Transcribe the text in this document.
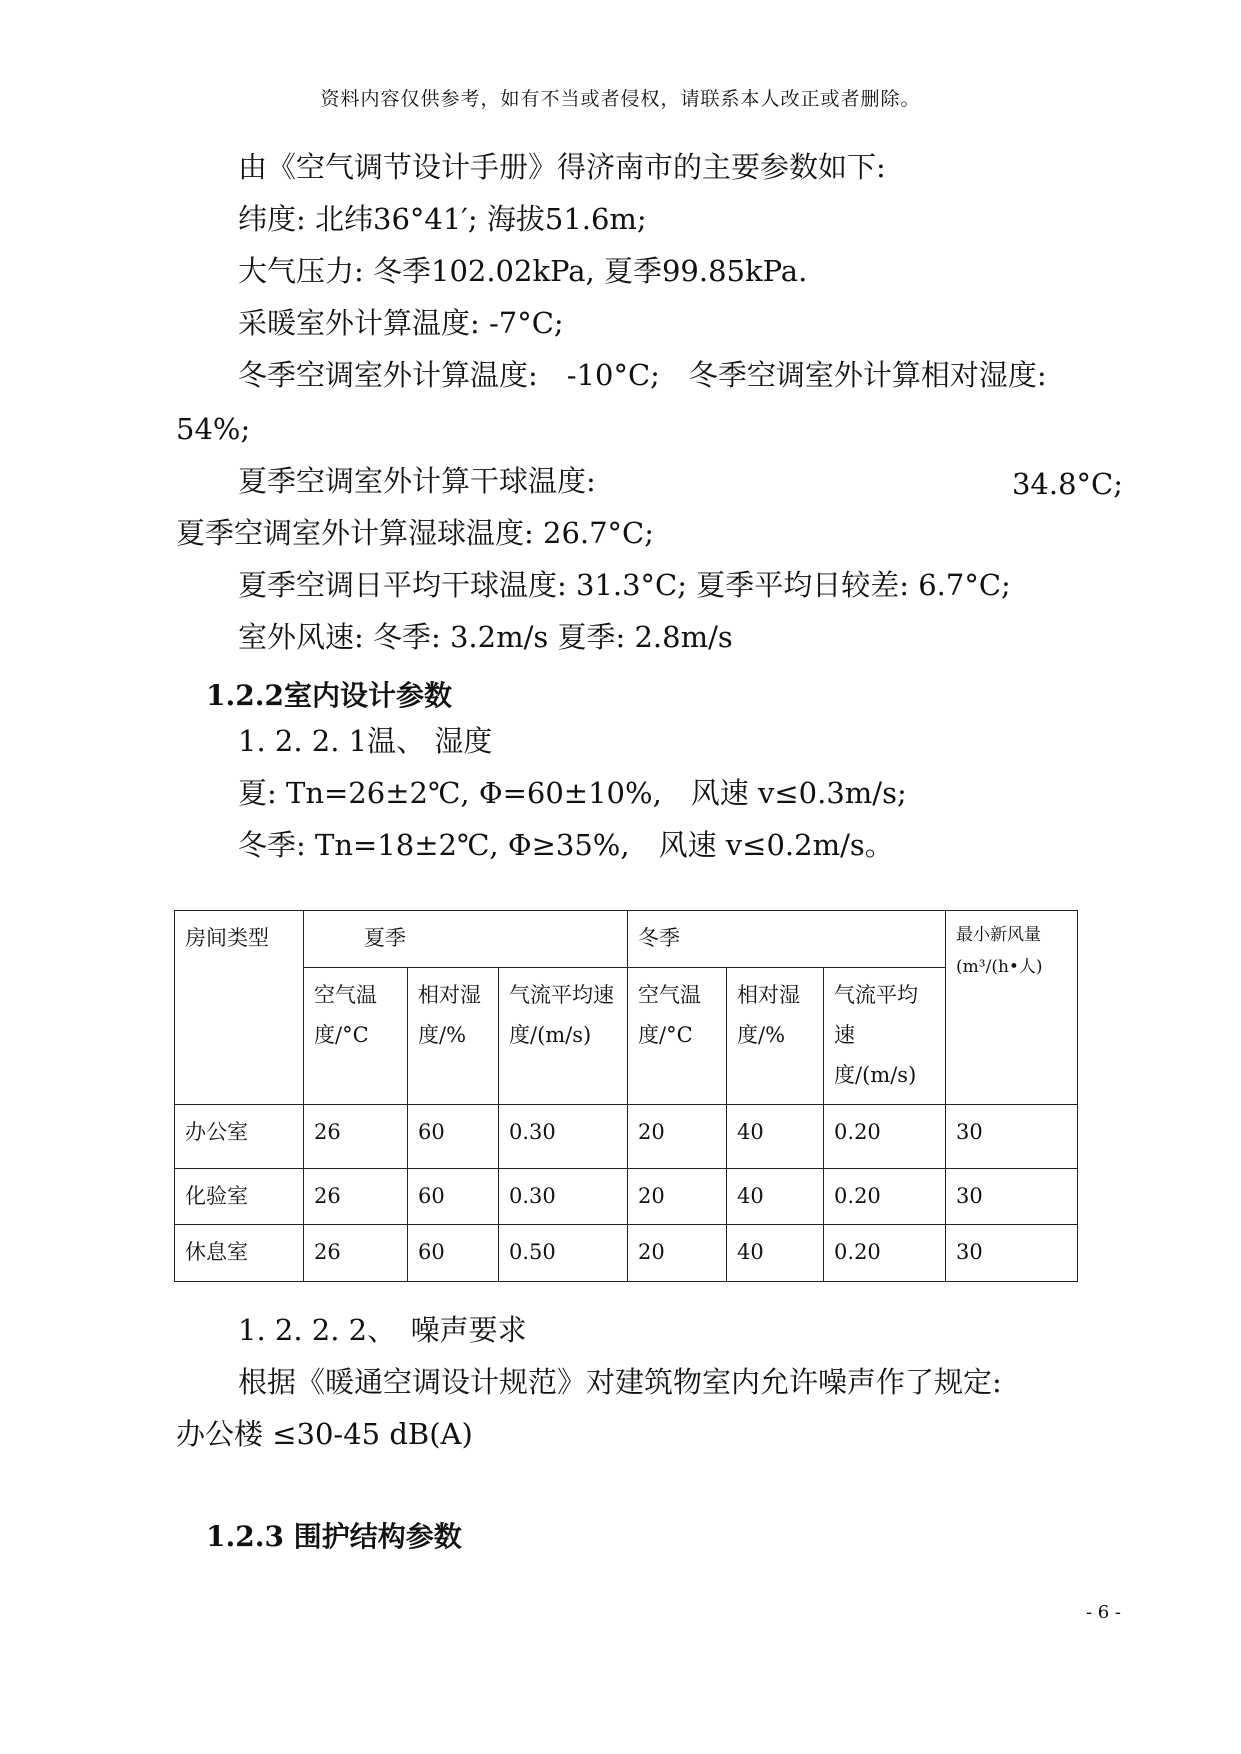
资料内容仅供参考，如有不当或者侵权，请联系本人改正或者删除。
由《空气调节设计手册》得济南市的主要参数如下:
纬度: 北纬36°41′; 海拔51.6m;
大气压力: 冬季102.02kPa, 夏季99.85kPa.
采暖室外计算温度: -7°C;
冬季空调室外计算温度:　-10°C;　冬季空调室外计算相对湿度:
54%;
夏季空调室外计算干球温度:	34.8°C;
夏季空调室外计算湿球温度: 26.7°C;
夏季空调日平均干球温度: 31.3°C; 夏季平均日较差: 6.7°C;
室外风速: 冬季: 3.2m/s 夏季: 2.8m/s
1.2.2室内设计参数
1. 2. 2. 1温、 湿度
夏: Tn=26±2℃, Φ=60±10%,　风速 v≤0.3m/s;
冬季: Tn=18±2℃, Φ≥35%,　风速 v≤0.2m/s。
房间类型	夏季			冬季			最小新风量(m³/(h•人)
	空气温度/°C	相对湿度/%	气流平均速度/(m/s)	空气温度/°C	相对湿度/%	气流平均速度/(m/s)	
办公室	26	60	0.30	20	40	0.20	30
化验室	26	60	0.30	20	40	0.20	30
休息室	26	60	0.50	20	40	0.20	30
1. 2. 2. 2、　噪声要求
根据《暖通空调设计规范》对建筑物室内允许噪声作了规定:
办公楼 ≤30-45 dB(A)
1.2.3 围护结构参数
- 6 -
